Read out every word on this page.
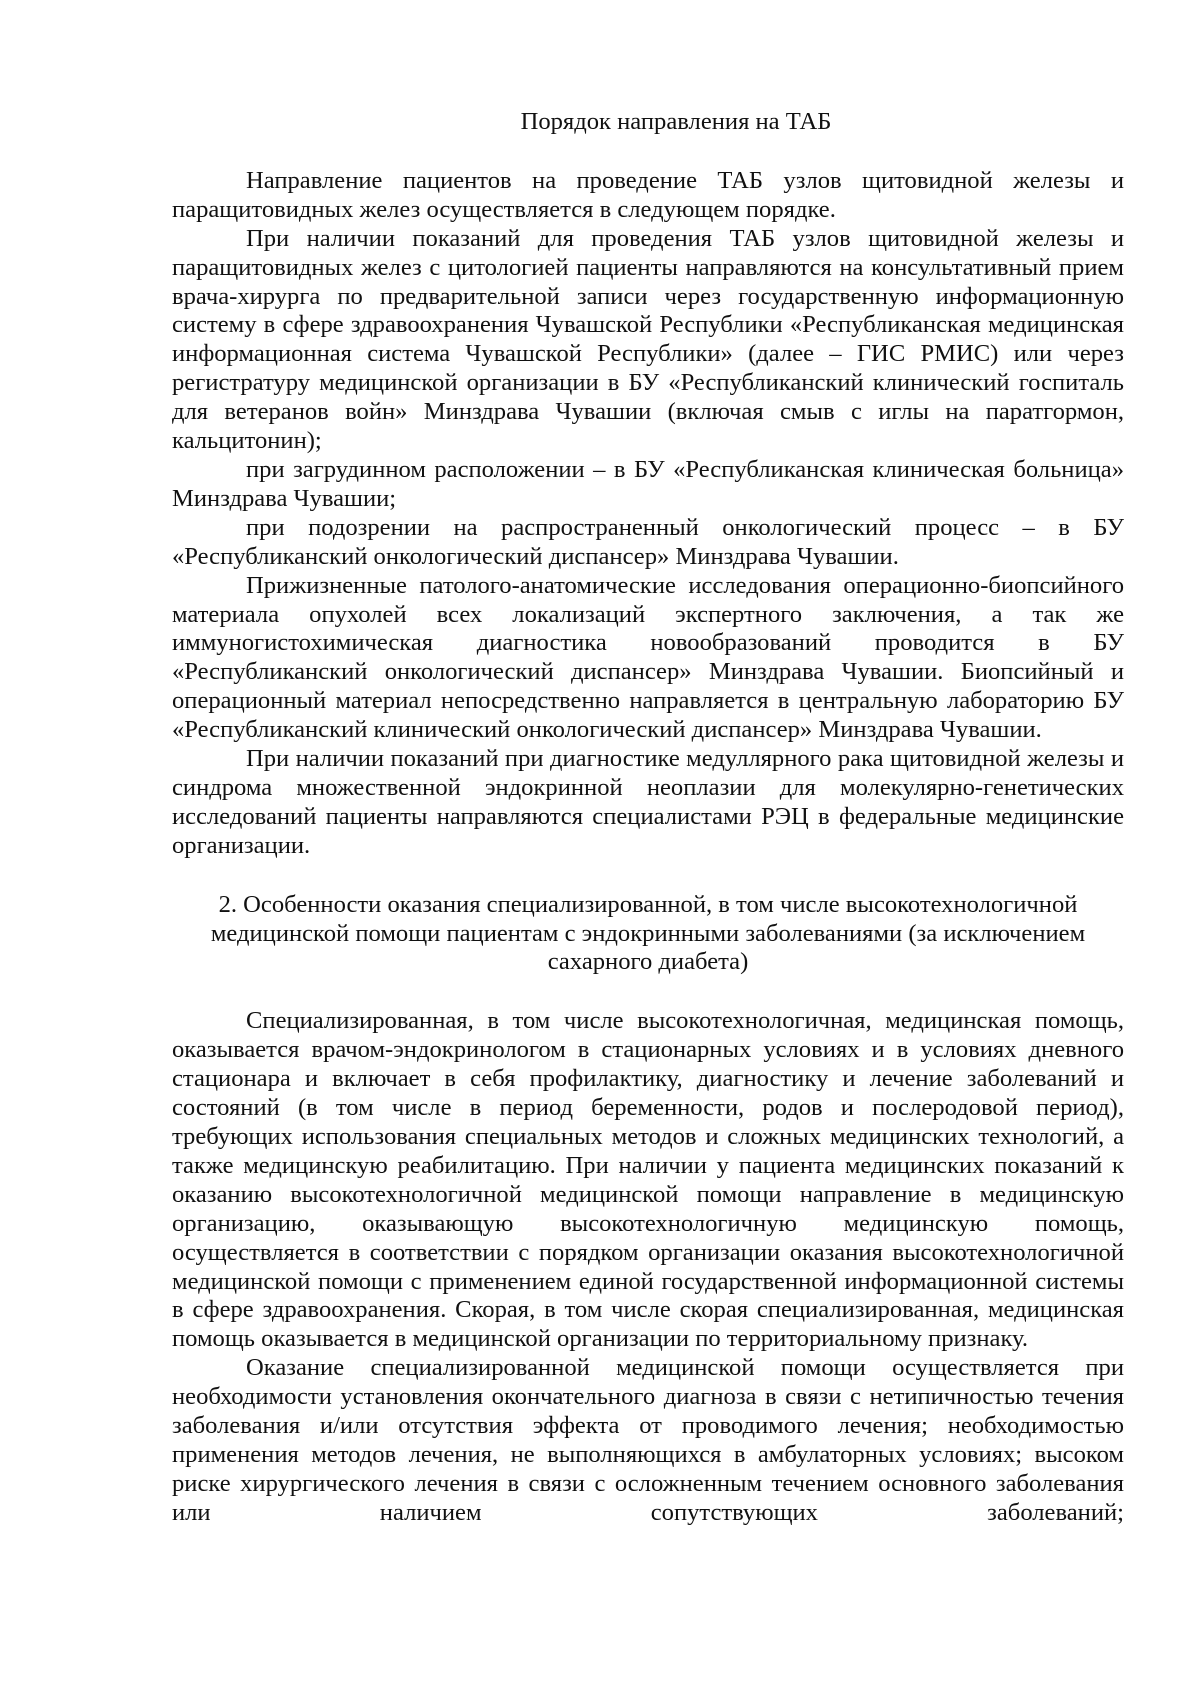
Порядок направления на ТАБ

Направление пациентов на проведение ТАБ узлов щитовидной железы и паращитовидных желез осуществляется в следующем порядке.

При наличии показаний для проведения ТАБ узлов щитовидной железы и паращитовидных желез с цитологией пациенты направляются на консультативный прием врача-хирурга по предварительной записи через государственную информационную систему в сфере здравоохранения Чувашской Республики «Республиканская медицинская информационная система Чувашской Республики» (далее – ГИС РМИС) или через регистратуру медицинской организации в БУ «Республиканский клинический госпиталь для ветеранов войн» Минздрава Чувашии (включая смыв с иглы на паратгормон, кальцитонин);

при загрудинном расположении – в БУ «Республиканская клиническая больница» Минздрава Чувашии;

при подозрении на распространенный онкологический процесс – в БУ «Республиканский онкологический диспансер» Минздрава Чувашии.

Прижизненные патолого-анатомические исследования операционно-биопсийного материала опухолей всех локализаций экспертного заключения, а так же иммуногистохимическая диагностика новообразований проводится в БУ «Республиканский онкологический диспансер» Минздрава Чувашии. Биопсийный и операционный материал непосредственно направляется в центральную лабораторию БУ «Республиканский клинический онкологический диспансер» Минздрава Чувашии.

При наличии показаний при диагностике медуллярного рака щитовидной железы и синдрома множественной эндокринной неоплазии для молекулярно-генетических исследований пациенты направляются специалистами РЭЦ в федеральные медицинские организации.

2. Особенности оказания специализированной, в том числе высокотехнологичной медицинской помощи пациентам с эндокринными заболеваниями (за исключением сахарного диабета)

Специализированная, в том числе высокотехнологичная, медицинская помощь, оказывается врачом-эндокринологом в стационарных условиях и в условиях дневного стационара и включает в себя профилактику, диагностику и лечение заболеваний и состояний (в том числе в период беременности, родов и послеродовой период), требующих использования специальных методов и сложных медицинских технологий, а также медицинскую реабилитацию. При наличии у пациента медицинских показаний к оказанию высокотехнологичной медицинской помощи направление в медицинскую организацию, оказывающую высокотехнологичную медицинскую помощь, осуществляется в соответствии с порядком организации оказания высокотехнологичной медицинской помощи с применением единой государственной информационной системы в сфере здравоохранения. Скорая, в том числе скорая специализированная, медицинская помощь оказывается в медицинской организации по территориальному признаку.

Оказание специализированной медицинской помощи осуществляется при необходимости установления окончательного диагноза в связи с нетипичностью течения заболевания и/или отсутствия эффекта от проводимого лечения; необходимостью применения методов лечения, не выполняющихся в амбулаторных условиях; высоком риске хирургического лечения в связи с осложненным течением основного заболевания или наличием сопутствующих заболеваний;
